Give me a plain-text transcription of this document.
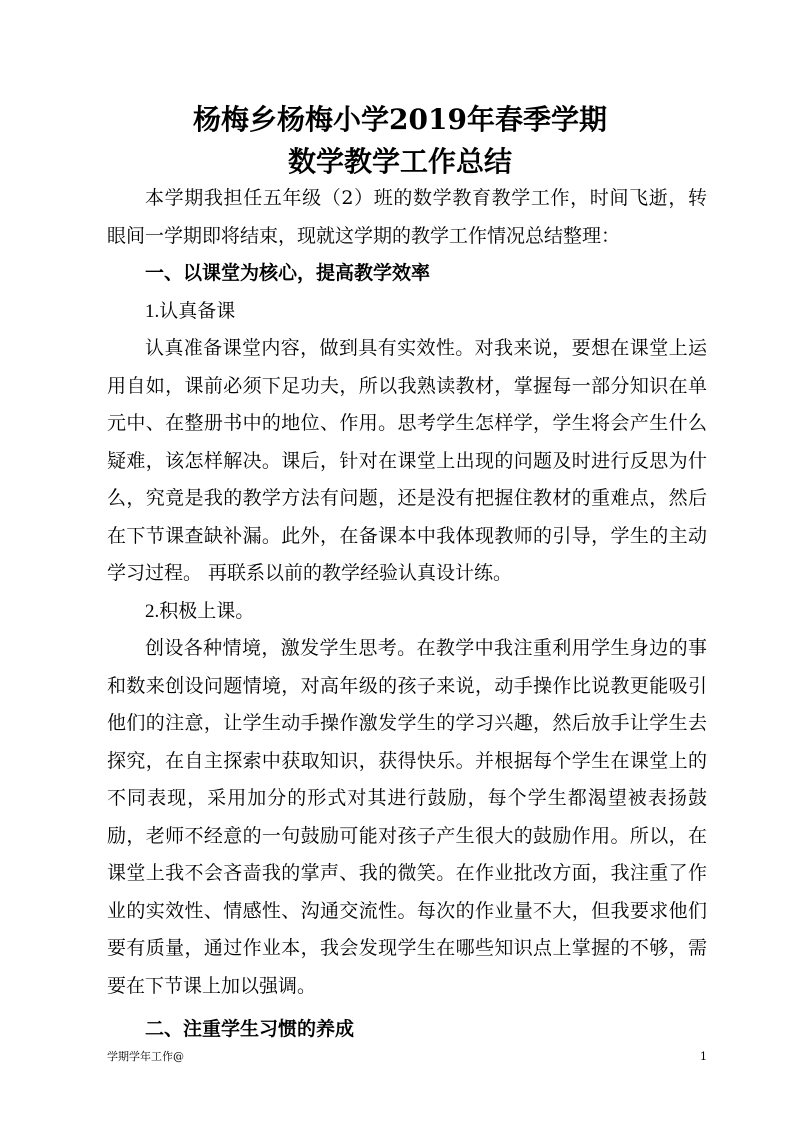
杨梅乡杨梅小学2019年春季学期
数学教学工作总结

本学期我担任五年级（2）班的数学教育教学工作，时间飞逝，转眼间一学期即将结束，现就这学期的教学工作情况总结整理：

一、以课堂为核心，提高教学效率

1.认真备课

认真准备课堂内容，做到具有实效性。对我来说，要想在课堂上运用自如，课前必须下足功夫，所以我熟读教材，掌握每一部分知识在单元中、在整册书中的地位、作用。思考学生怎样学，学生将会产生什么疑难，该怎样解决。课后，针对在课堂上出现的问题及时进行反思为什么，究竟是我的教学方法有问题，还是没有把握住教材的重难点，然后在下节课查缺补漏。此外，在备课本中我体现教师的引导，学生的主动学习过程。 再联系以前的教学经验认真设计练。

2.积极上课。

创设各种情境，激发学生思考。在教学中我注重利用学生身边的事和数来创设问题情境，对高年级的孩子来说，动手操作比说教更能吸引他们的注意，让学生动手操作激发学生的学习兴趣，然后放手让学生去探究，在自主探索中获取知识，获得快乐。并根据每个学生在课堂上的不同表现，采用加分的形式对其进行鼓励，每个学生都渴望被表扬鼓励，老师不经意的一句鼓励可能对孩子产生很大的鼓励作用。所以，在课堂上我不会吝啬我的掌声、我的微笑。在作业批改方面，我注重了作业的实效性、情感性、沟通交流性。每次的作业量不大，但我要求他们要有质量，通过作业本，我会发现学生在哪些知识点上掌握的不够，需要在下节课上加以强调。

二、注重学生习惯的养成

学期学年工作@	1
